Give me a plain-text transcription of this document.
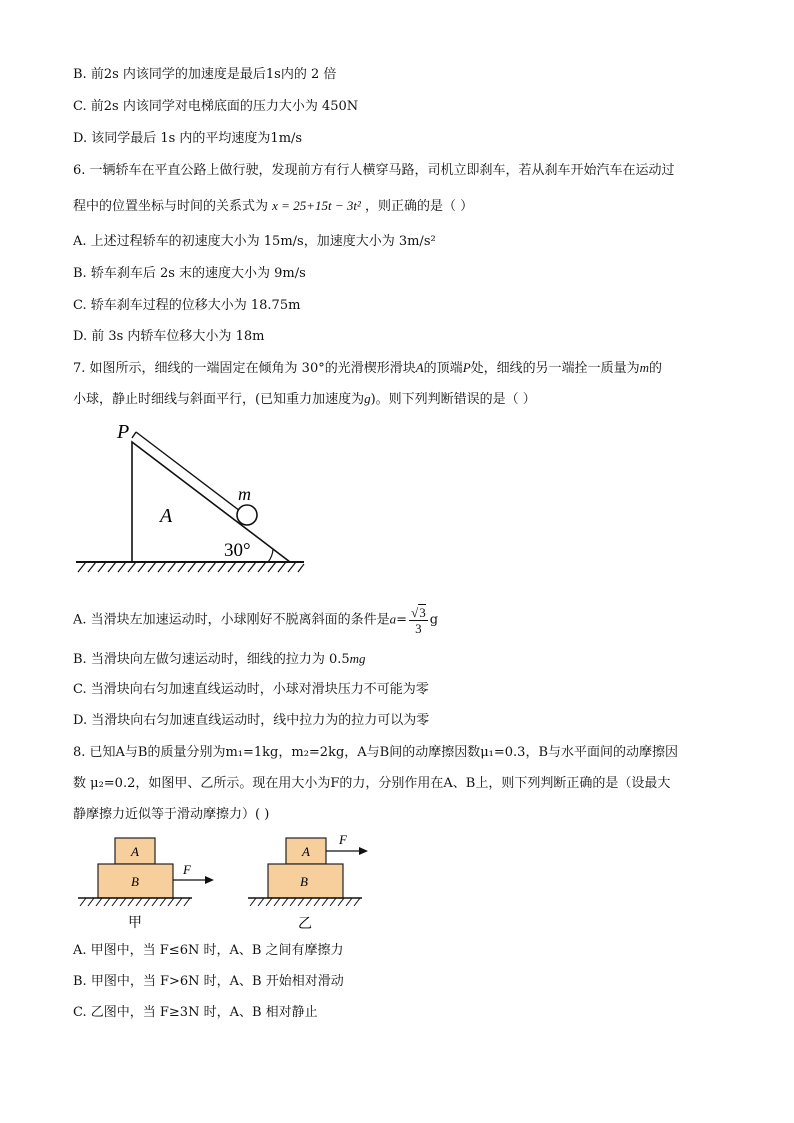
B. 前2s 内该同学的加速度是最后1s内的 2 倍
C. 前2s 内该同学对电梯底面的压力大小为 450N
D. 该同学最后 1s 内的平均速度为1m/s
6. 一辆轿车在平直公路上做行驶，发现前方有行人横穿马路，司机立即刹车，若从刹车开始汽车在运动过
程中的位置坐标与时间的关系式为 x = 25+15t − 3t² ，则正确的是（ ）
A. 上述过程轿车的初速度大小为 15m/s，加速度大小为 3m/s²
B. 轿车刹车后 2s 末的速度大小为 9m/s
C. 轿车刹车过程的位移大小为 18.75m
D. 前 3s 内轿车位移大小为 18m
7. 如图所示，细线的一端固定在倾角为 30°的光滑楔形滑块A的顶端P处，细线的另一端拴一质量为m的
小球，静止时细线与斜面平行，(已知重力加速度为g)。则下列判断错误的是（ ）
P
A
m
30°
A. 当滑块左加速运动时，小球刚好不脱离斜面的条件是$a= \frac{√3}{3}$ g
B. 当滑块向左做匀速运动时，细线的拉力为 0.5mg
C. 当滑块向右匀加速直线运动时，小球对滑块压力不可能为零
D. 当滑块向右匀加速直线运动时，线中拉力为的拉力可以为零
8. 已知A与B的质量分别为m₁=1kg，m₂=2kg，A与B间的动摩擦因数μ₁=0.3，B与水平面间的动摩擦因
数 μ₂=0.2，如图甲、乙所示。现在用大小为F的力，分别作用在A、B上，则下列判断正确的是（设最大
静摩擦力近似等于滑动摩擦力）( )
A
B
F
甲
A
B
F
乙
A. 甲图中，当 F≤6N 时，A、B 之间有摩擦力
B. 甲图中，当 F>6N 时，A、B 开始相对滑动
C. 乙图中，当 F≥3N 时，A、B 相对静止
